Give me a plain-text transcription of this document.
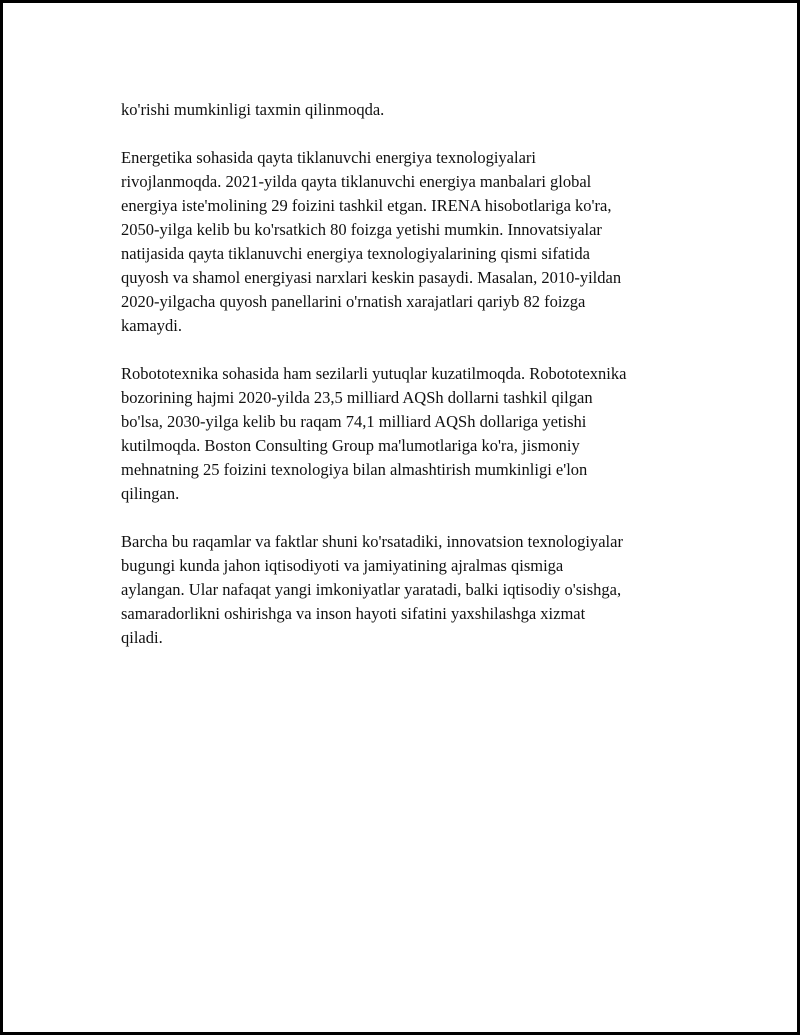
ko'rishi mumkinligi taxmin qilinmoqda.

Energetika sohasida qayta tiklanuvchi energiya texnologiyalari
rivojlanmoqda. 2021-yilda qayta tiklanuvchi energiya manbalari global
energiya iste'molining 29 foizini tashkil etgan. IRENA hisobotlariga ko'ra,
2050-yilga kelib bu ko'rsatkich 80 foizga yetishi mumkin. Innovatsiyalar
natijasida qayta tiklanuvchi energiya texnologiyalarining qismi sifatida
quyosh va shamol energiyasi narxlari keskin pasaydi. Masalan, 2010-yildan
2020-yilgacha quyosh panellarini o'rnatish xarajatlari qariyb 82 foizga
kamaydi.

Robototexnika sohasida ham sezilarli yutuqlar kuzatilmoqda. Robototexnika
bozorining hajmi 2020-yilda 23,5 milliard AQSh dollarni tashkil qilgan
bo'lsa, 2030-yilga kelib bu raqam 74,1 milliard AQSh dollariga yetishi
kutilmoqda. Boston Consulting Group ma'lumotlariga ko'ra, jismoniy
mehnatning 25 foizini texnologiya bilan almashtirish mumkinligi e'lon
qilingan.

Barcha bu raqamlar va faktlar shuni ko'rsatadiki, innovatsion texnologiyalar
bugungi kunda jahon iqtisodiyoti va jamiyatining ajralmas qismiga
aylangan. Ular nafaqat yangi imkoniyatlar yaratadi, balki iqtisodiy o'sishga,
samaradorlikni oshirishga va inson hayoti sifatini yaxshilashga xizmat
qiladi.
